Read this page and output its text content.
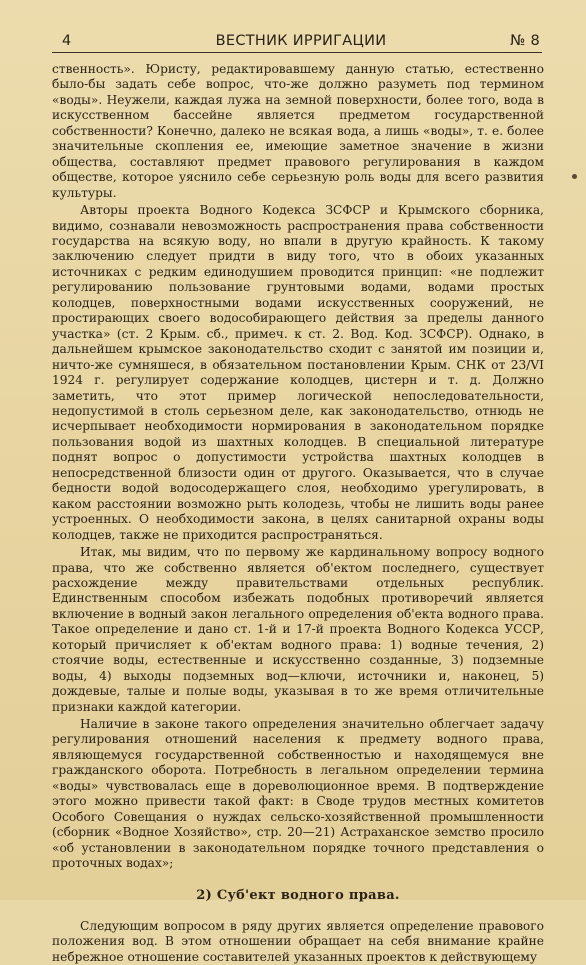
4	ВЕСТНИК ИРРИГАЦИИ	№ 8

ственность». Юристу, редактировавшему данную статью, естественно было-бы задать себе вопрос, что-же должно разуметь под термином «воды». Неужели, каждая лужа на земной поверхности, более того, вода в искусственном бассейне является предметом государственной собственности? Конечно, далеко не всякая вода, а лишь «воды», т. е. более значительные скопления ее, имеющие заметное значение в жизни общества, составляют предмет правового регулирования в каждом обществе, которое уяснило себе серьезную роль воды для всего развития культуры.

Авторы проекта Водного Кодекса ЗСФСР и Крымского сборника, видимо, сознавали невозможность распространения права собственности государства на всякую воду, но впали в другую крайность. К такому заключению следует придти в виду того, что в обоих указанных источниках с редким единодушием проводится принцип: «не подлежит регулированию пользование грунтовыми водами, водами простых колодцев, поверхностными водами искусственных сооружений, не простирающих своего водособирающего действия за пределы данного участка» (ст. 2 Крым. сб., примеч. к ст. 2. Вод. Код. ЗСФСР). Однако, в дальнейшем крымское законодательство сходит с занятой им позиции и, ничто-же сумняшеся, в обязательном постановлении Крым. СНК от 23/VI 1924 г. регулирует содержание колодцев, цистерн и т. д. Должно заметить, что этот пример логической непоследовательности, недопустимой в столь серьезном деле, как законодательство, отнюдь не исчерпывает необходимости нормирования в законодательном порядке пользования водой из шахтных колодцев. В специальной литературе поднят вопрос о допустимости устройства шахтных колодцев в непосредственной близости один от другого. Оказывается, что в случае бедности водой водосодержащего слоя, необходимо урегулировать, в каком расстоянии возможно рыть колодезь, чтобы не лишить воды ранее устроенных. О необходимости закона, в целях санитарной охраны воды колодцев, также не приходится распространяться.

Итак, мы видим, что по первому же кардинальному вопросу водного права, что же собственно является об'ектом последнего, существует расхождение между правительствами отдельных республик. Единственным способом избежать подобных противоречий является включение в водный закон легального определения об'екта водного права. Такое определение и дано ст. 1-й и 17-й проекта Водного Кодекса УССР, который причисляет к об'ектам водного права: 1) водные течения, 2) стоячие воды, естественные и искусственно созданные, 3) подземные воды, 4) выходы подземных вод—ключи, источники и, наконец, 5) дождевые, талые и полые воды, указывая в то же время отличительные признаки каждой категории.

Наличие в законе такого определения значительно облегчает задачу регулирования отношений населения к предмету водного права, являющемуся государственной собственностью и находящемуся вне гражданского оборота. Потребность в легальном определении термина «воды» чувствовалась еще в дореволюционное время. В подтверждение этого можно привести такой факт: в Своде трудов местных комитетов Особого Совещания о нуждах сельско-хозяйственной промышленности (сборник «Водное Хозяйство», стр. 20—21) Астраханское земство просило «об установлении в законодательном порядке точного представления о проточных водах»;

2) Суб'ект водного права.

Следующим вопросом в ряду других является определение правового положения вод. В этом отношении обращает на себя внимание крайне небрежное отношение составителей указанных проектов к действующему
